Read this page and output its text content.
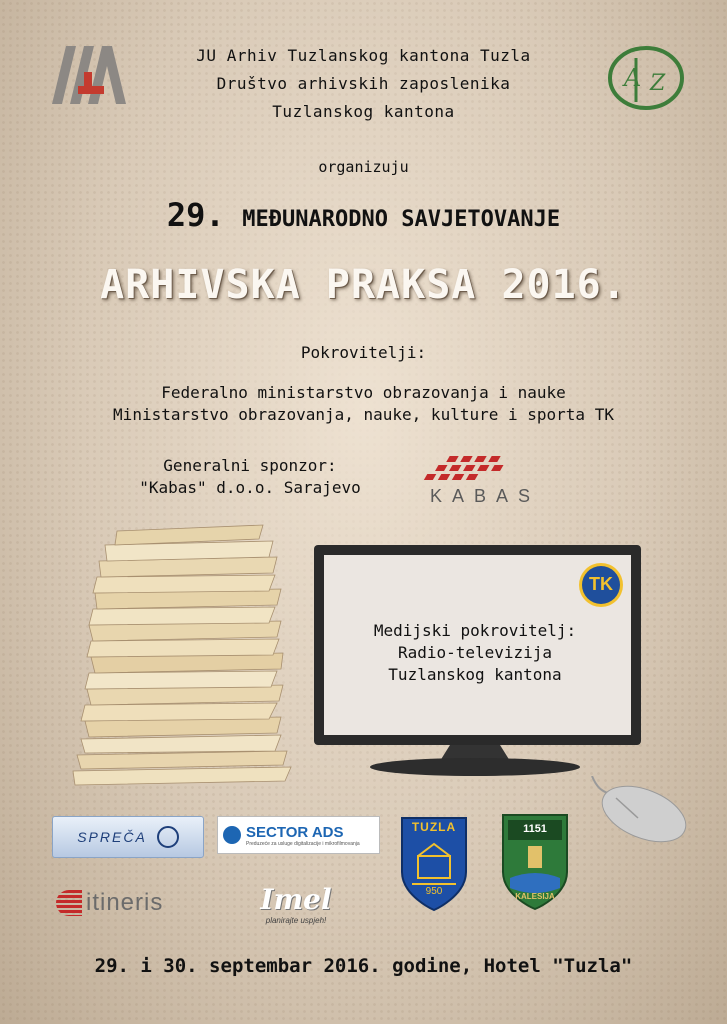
A Z
JU Arhiv Tuzlanskog kantona Tuzla
Društvo arhivskih zaposlenika
Tuzlanskog kantona
organizuju
29. MEĐUNARODNO SAVJETOVANJE
ARHIVSKA PRAKSA 2016.
Pokrovitelji:
Federalno ministarstvo obrazovanja i nauke
Ministarstvo obrazovanja, nauke, kulture i sporta TK
Generalni sponzor:
"Kabas" d.o.o. Sarajevo	KABAS
TK
Medijski pokrovitelj:
Radio-televizija
Tuzlanskog kantona
SPREČA	SECTOR ADS
Preduzeće za usluge digitalizacije i mikrofilmovanja
TUZLA
950
1151
KALESIJA
itineris	Imel
planirajte uspjeh!
29. i 30. septembar 2016. godine, Hotel "Tuzla"
